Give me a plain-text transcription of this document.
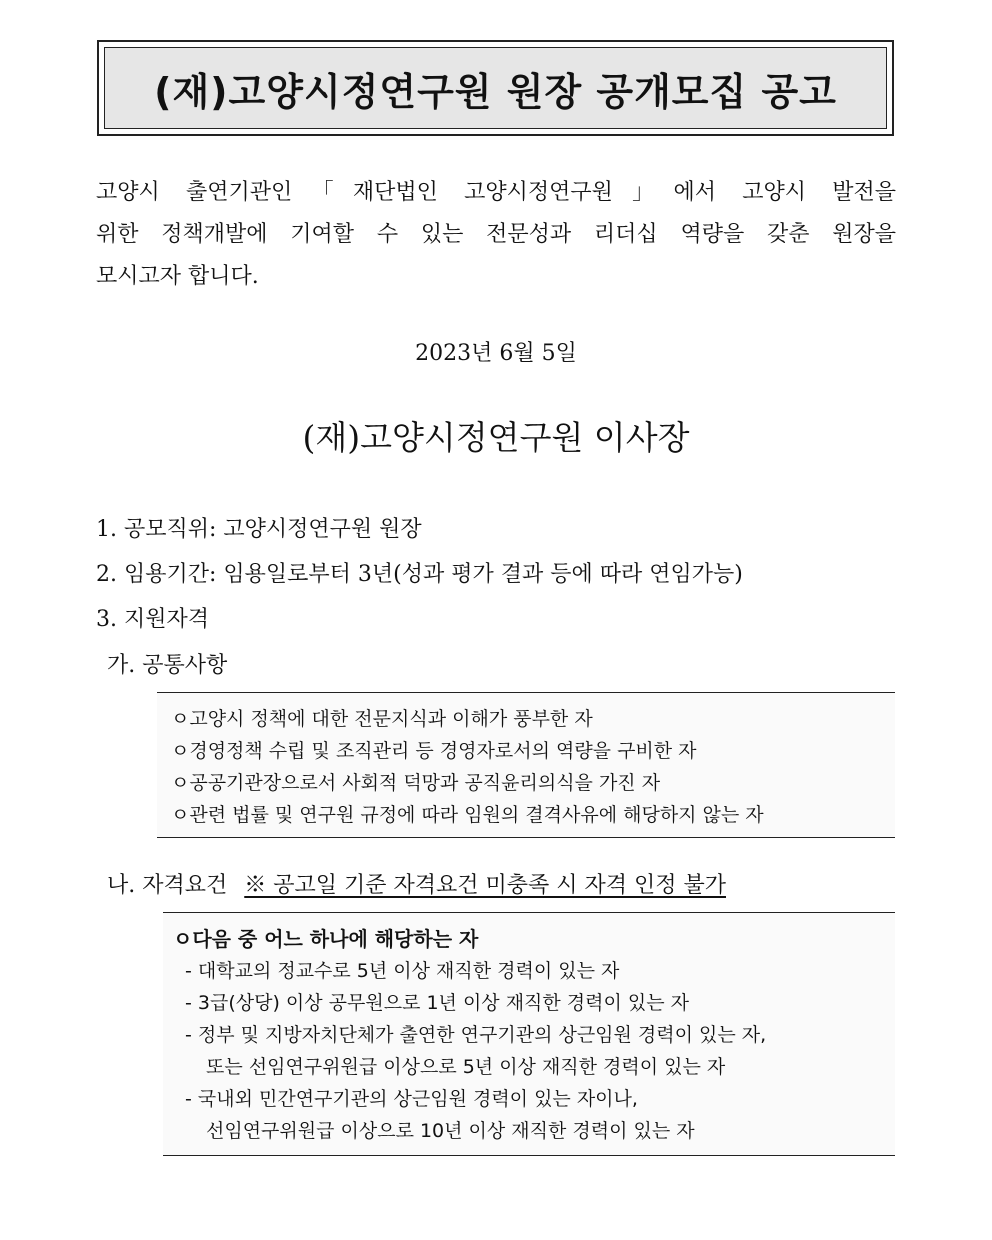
(재)고양시정연구원 원장 공개모집 공고
고양시 출연기관인「재단법인 고양시정연구원」에서 고양시 발전을
위한 정책개발에 기여할 수 있는 전문성과 리더십 역량을 갖춘 원장을
모시고자 합니다.
2023년 6월 5일
(재)고양시정연구원 이사장
1. 공모직위: 고양시정연구원 원장
2. 임용기간: 임용일로부터 3년(성과 평가 결과 등에 따라 연임가능)
3. 지원자격
가. 공통사항
ㅇ고양시 정책에 대한 전문지식과 이해가 풍부한 자
ㅇ경영정책 수립 및 조직관리 등 경영자로서의 역량을 구비한 자
ㅇ공공기관장으로서 사회적 덕망과 공직윤리의식을 가진 자
ㅇ관련 법률 및 연구원 규정에 따라 임원의 결격사유에 해당하지 않는 자
나. 자격요건 ※ 공고일 기준 자격요건 미충족 시 자격 인정 불가
ㅇ다음 중 어느 하나에 해당하는 자
- 대학교의 정교수로 5년 이상 재직한 경력이 있는 자
- 3급(상당) 이상 공무원으로 1년 이상 재직한 경력이 있는 자
- 정부 및 지방자치단체가 출연한 연구기관의 상근임원 경력이 있는 자,
또는 선임연구위원급 이상으로 5년 이상 재직한 경력이 있는 자
- 국내외 민간연구기관의 상근임원 경력이 있는 자이나,
선임연구위원급 이상으로 10년 이상 재직한 경력이 있는 자
